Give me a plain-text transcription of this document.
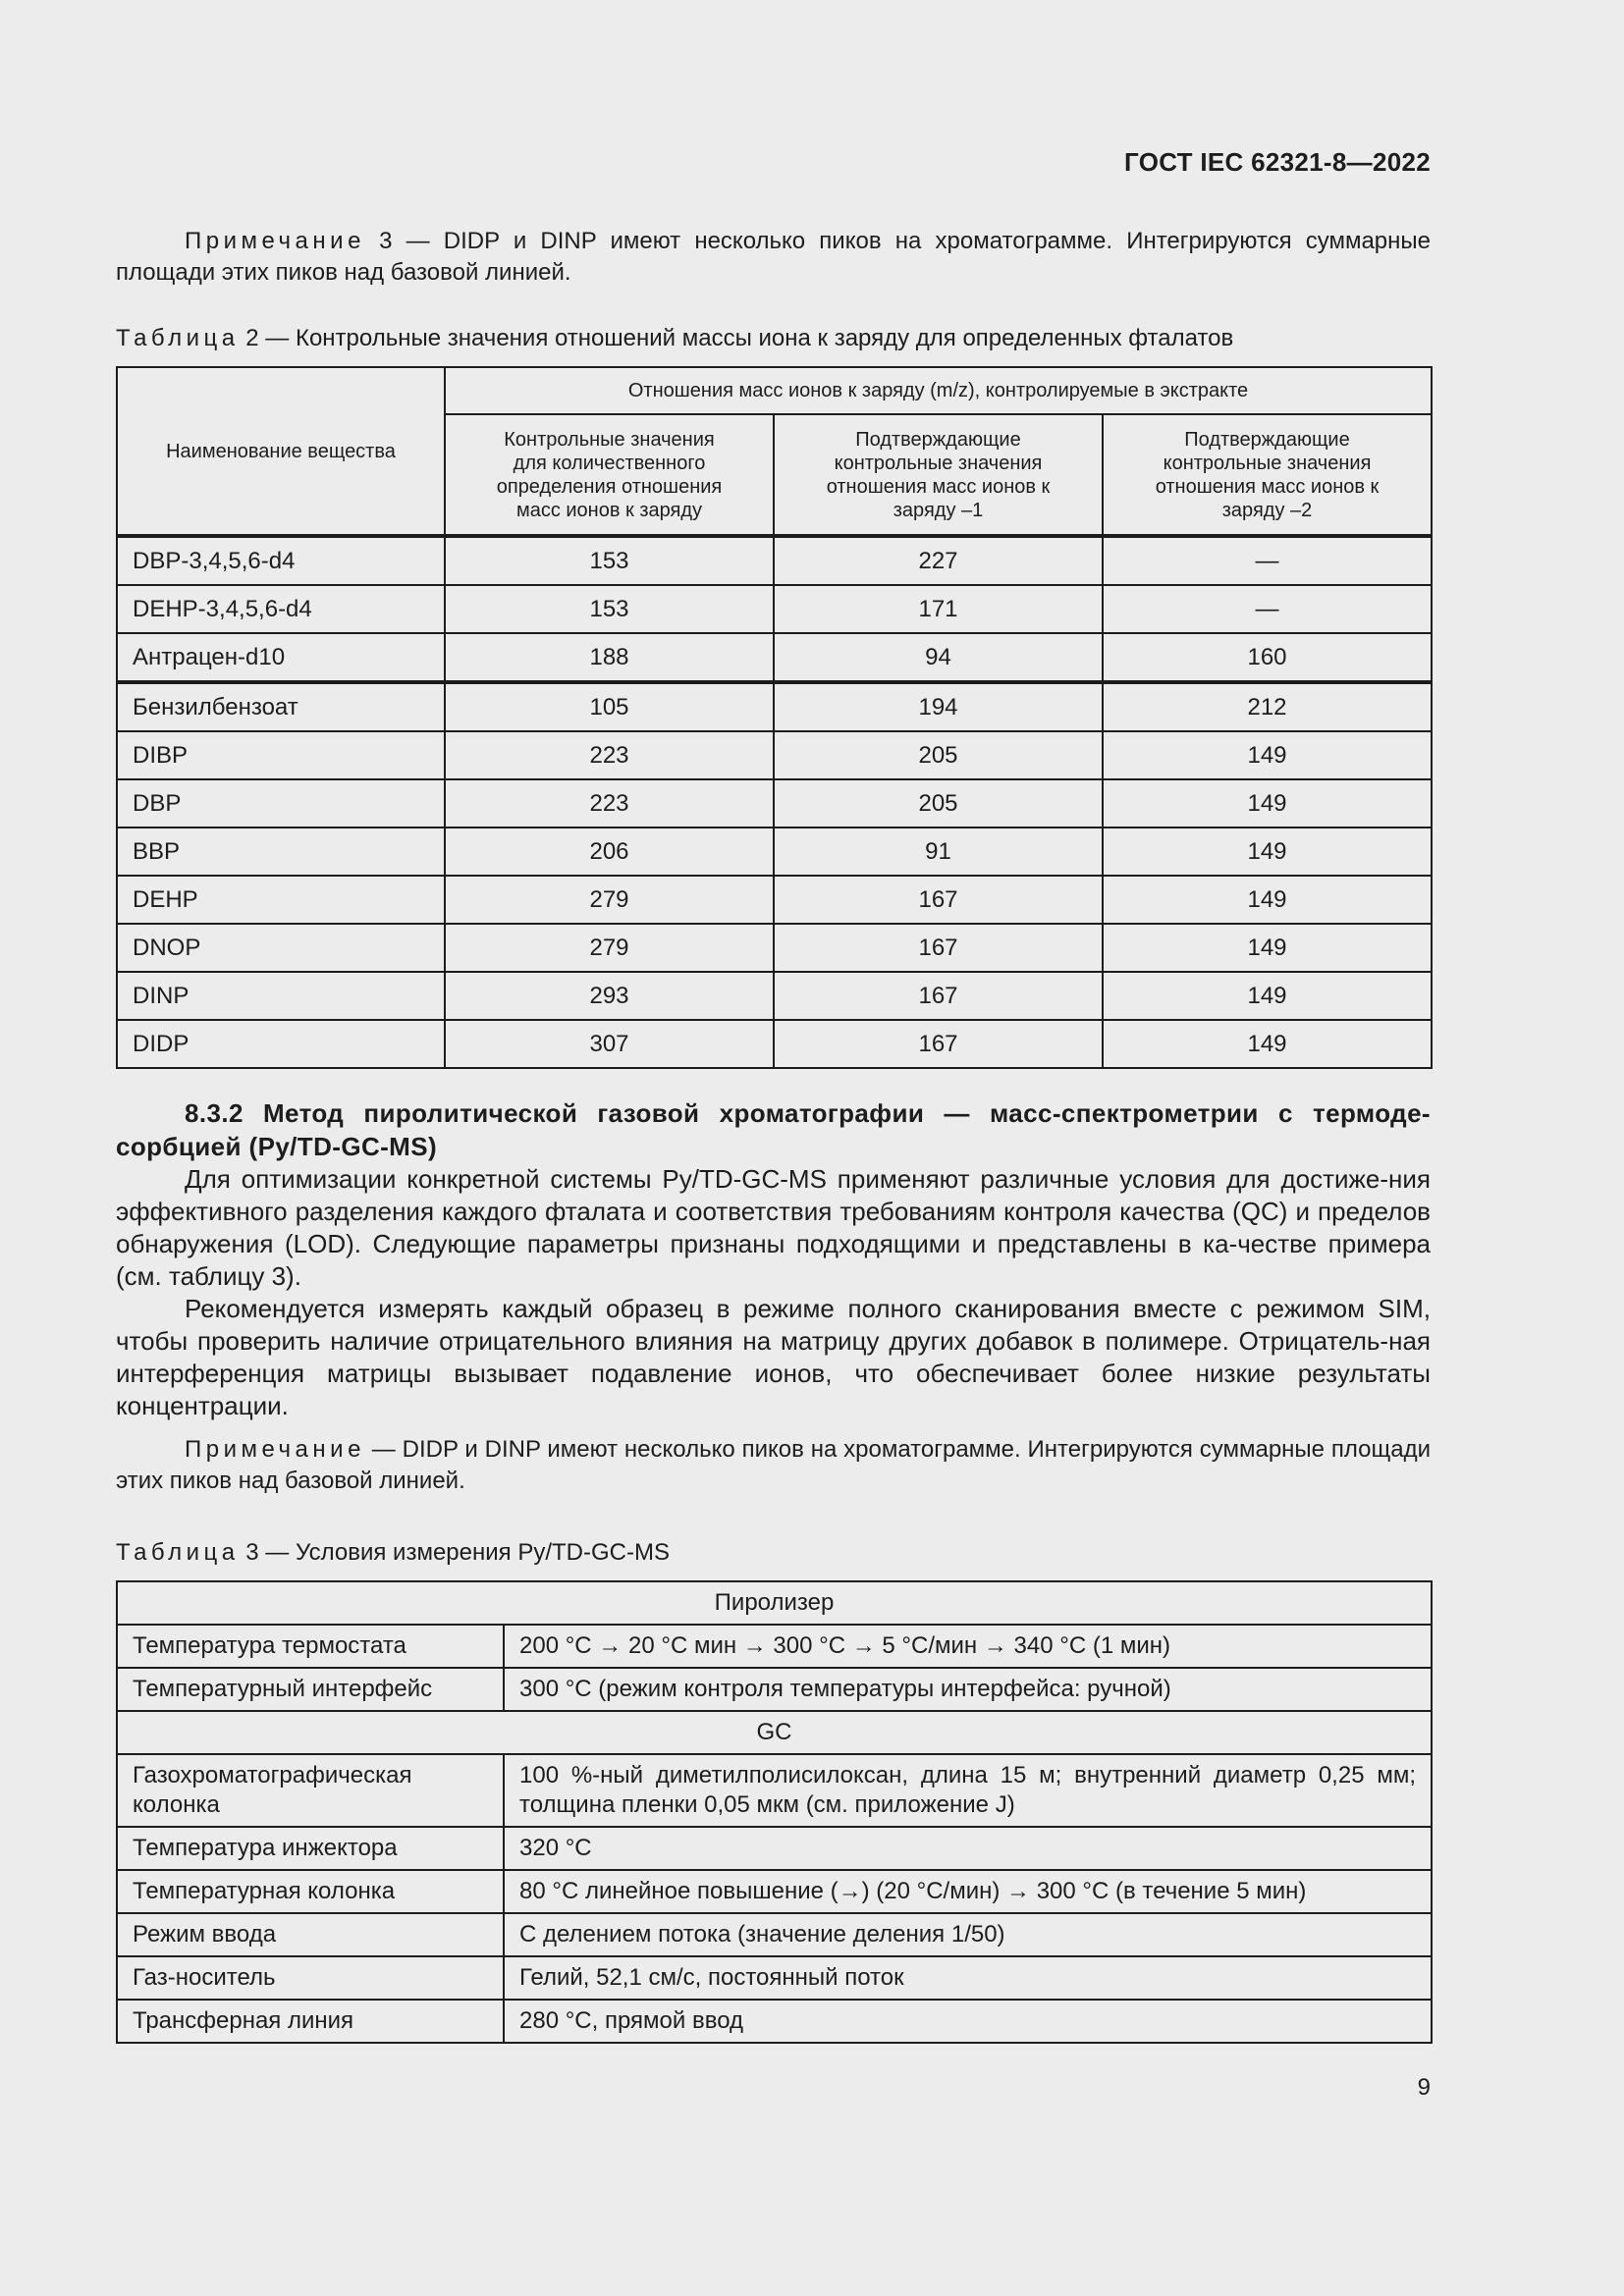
ГОСТ IEC 62321-8—2022

Примечание 3 — DIDP и DINP имеют несколько пиков на хроматограмме. Интегрируются суммарные площади этих пиков над базовой линией.

Таблица 2 — Контрольные значения отношений массы иона к заряду для определенных фталатов

Наименование вещества	Отношения масс ионов к заряду (m/z), контролируемые в экстракте		
	Контрольные значения для количественного определения отношения масс ионов к заряду	Подтверждающие контрольные значения отношения масс ионов к заряду –1	Подтверждающие контрольные значения отношения масс ионов к заряду –2
DBP-3,4,5,6-d4	153	227	—
DEHP-3,4,5,6-d4	153	171	—
Антрацен-d10	188	94	160
Бензилбензоат	105	194	212
DIBP	223	205	149
DBP	223	205	149
BBP	206	91	149
DEHP	279	167	149
DNOP	279	167	149
DINP	293	167	149
DIDP	307	167	149

8.3.2 Метод пиролитической газовой хроматографии — масс-спектрометрии с термоде-сорбцией (Py/TD-GC-MS)

Для оптимизации конкретной системы Py/TD-GC-MS применяют различные условия для достиже-ния эффективного разделения каждого фталата и соответствия требованиям контроля качества (QC) и пределов обнаружения (LOD). Следующие параметры признаны подходящими и представлены в ка-честве примера (см. таблицу 3).

Рекомендуется измерять каждый образец в режиме полного сканирования вместе с режимом SIM, чтобы проверить наличие отрицательного влияния на матрицу других добавок в полимере. Отрицатель-ная интерференция матрицы вызывает подавление ионов, что обеспечивает более низкие результаты концентрации.

Примечание — DIDP и DINP имеют несколько пиков на хроматограмме. Интегрируются суммарные площади этих пиков над базовой линией.

Таблица 3 — Условия измерения Py/TD-GC-MS

Пиролизер	
Температура термостата	200 °C → 20 °C мин → 300 °C → 5 °C/мин → 340 °C (1 мин)
Температурный интерфейс	300 °C (режим контроля температуры интерфейса: ручной)
GC	
Газохроматографическая колонка	100 %-ный диметилполисилоксан, длина 15 м; внутренний диаметр 0,25 мм; толщина пленки 0,05 мкм (см. приложение J)
Температура инжектора	320 °C
Температурная колонка	80 °C линейное повышение (→) (20 °C/мин) → 300 °C (в течение 5 мин)
Режим ввода	С делением потока (значение деления 1/50)
Газ-носитель	Гелий, 52,1 см/с, постоянный поток
Трансферная линия	280 °C, прямой ввод
9
